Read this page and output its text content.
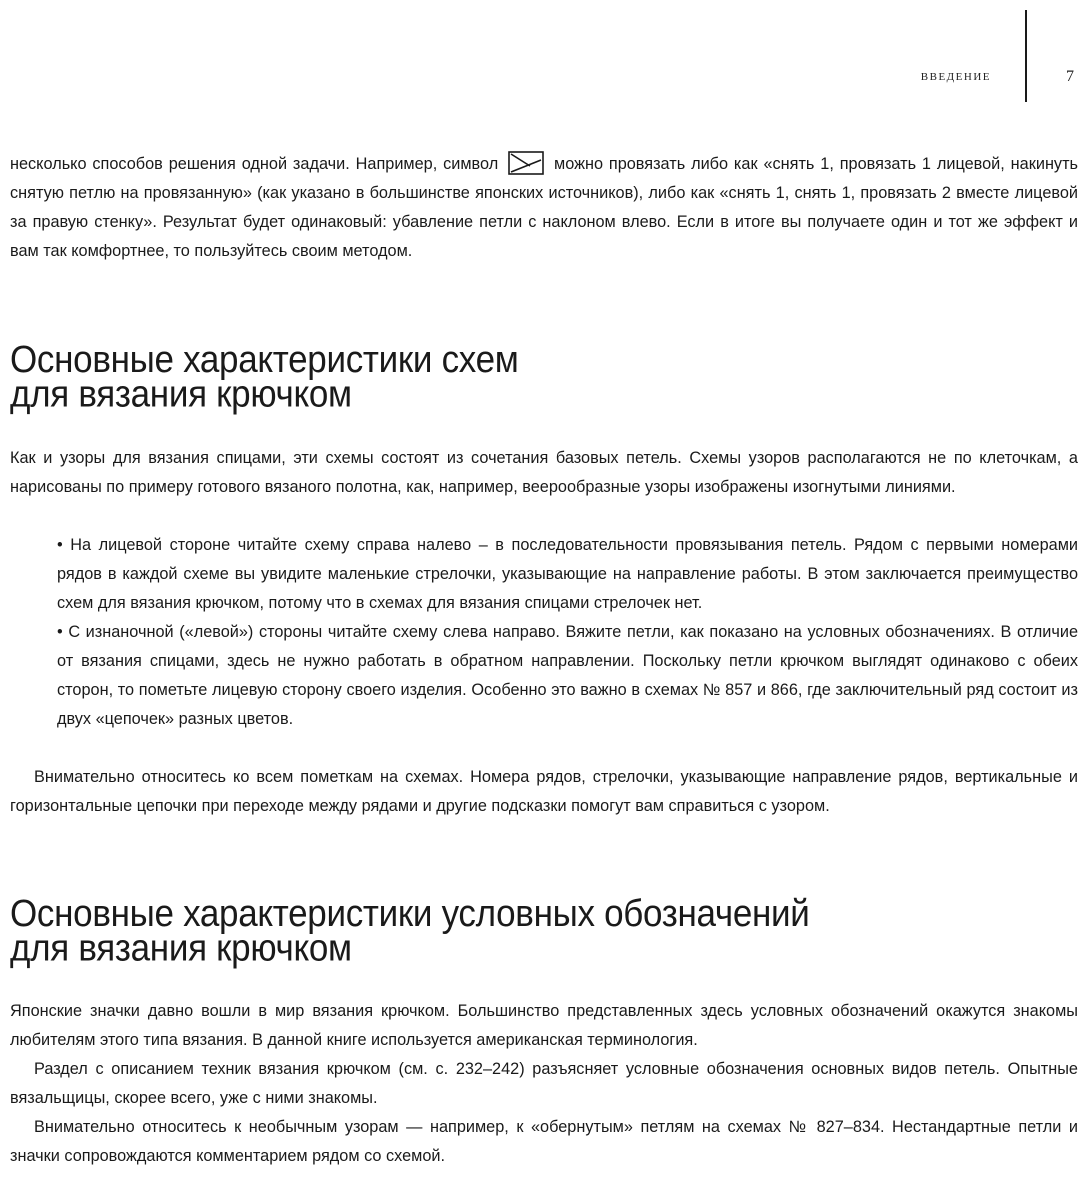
введение	7

несколько способов решения одной задачи. Например, символ	можно провязать либо как «снять 1, провязать 1 лицевой, накинуть снятую петлю на провязанную» (как указано в большинстве японских источников), либо как «снять 1, снять 1, провязать 2 вместе лицевой за правую стенку». Результат будет одинаковый: убавление петли с наклоном влево. Если в итоге вы получаете один и тот же эффект и вам так комфортнее, то пользуйтесь своим методом.

Основные характеристики схем
для вязания крючком

Как и узоры для вязания спицами, эти схемы состоят из сочетания базовых петель. Схемы узоров располагаются не по клеточкам, а нарисованы по примеру готового вязаного полотна, как, например, веерообразные узоры изображены изогнутыми линиями.

• На лицевой стороне читайте схему справа налево – в последовательности провязывания петель. Рядом с первыми номерами рядов в каждой схеме вы увидите маленькие стрелочки, указывающие на направление работы. В этом заключается преимущество схем для вязания крючком, потому что в схемах для вязания спицами стрелочек нет.

• С изнаночной («левой») стороны читайте схему слева направо. Вяжите петли, как показано на условных обозначениях. В отличие от вязания спицами, здесь не нужно работать в обратном направлении. Поскольку петли крючком выглядят одинаково с обеих сторон, то пометьте лицевую сторону своего изделия. Особенно это важно в схемах № 857 и 866, где заключительный ряд состоит из двух «цепочек» разных цветов.

Внимательно относитесь ко всем пометкам на схемах. Номера рядов, стрелочки, указывающие направление рядов, вертикальные и горизонтальные цепочки при переходе между рядами и другие подсказки помогут вам справиться с узором.

Основные характеристики условных обозначений
для вязания крючком

Японские значки давно вошли в мир вязания крючком. Большинство представленных здесь условных обозначений окажутся знакомы любителям этого типа вязания. В данной книге используется американская терминология.

Раздел с описанием техник вязания крючком (см. с. 232–242) разъясняет условные обозначения основных видов петель. Опытные вязальщицы, скорее всего, уже с ними знакомы.

Внимательно относитесь к необычным узорам — например, к «обернутым» петлям на схемах № 827–834. Нестандартные петли и значки сопровождаются комментарием рядом со схемой.
